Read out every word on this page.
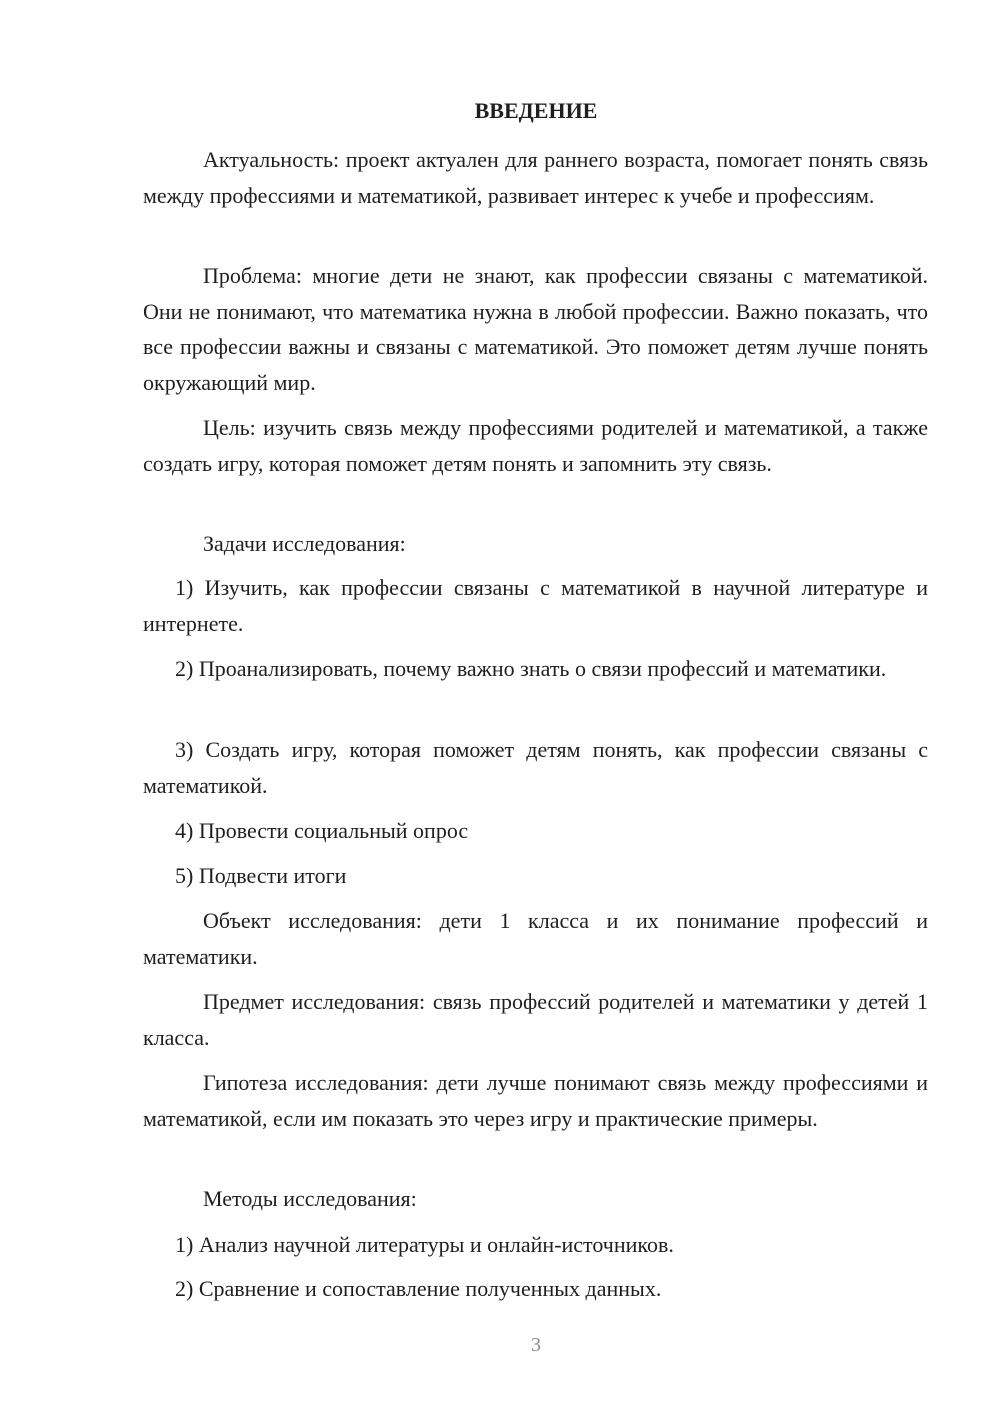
ВВЕДЕНИЕ

Актуальность: проект актуален для раннего возраста, помогает понять связь между профессиями и математикой, развивает интерес к учебе и профессиям.

Проблема: многие дети не знают, как профессии связаны с математикой. Они не понимают, что математика нужна в любой профессии. Важно показать, что все профессии важны и связаны с математикой. Это поможет детям лучше понять окружающий мир.

Цель: изучить связь между профессиями родителей и математикой, а также создать игру, которая поможет детям понять и запомнить эту связь.

Задачи исследования:

1) Изучить, как профессии связаны с математикой в научной литературе и интернете.

2) Проанализировать, почему важно знать о связи профессий и математики.

3) Создать игру, которая поможет детям понять, как профессии связаны с математикой.

4) Провести социальный опрос

5) Подвести итоги

Объект исследования: дети 1 класса и их понимание профессий и математики.

Предмет исследования: связь профессий родителей и математики у детей 1 класса.

Гипотеза исследования: дети лучше понимают связь между профессиями и математикой, если им показать это через игру и практические примеры.

Методы исследования:

1) Анализ научной литературы и онлайн-источников.

2) Сравнение и сопоставление полученных данных.

3
